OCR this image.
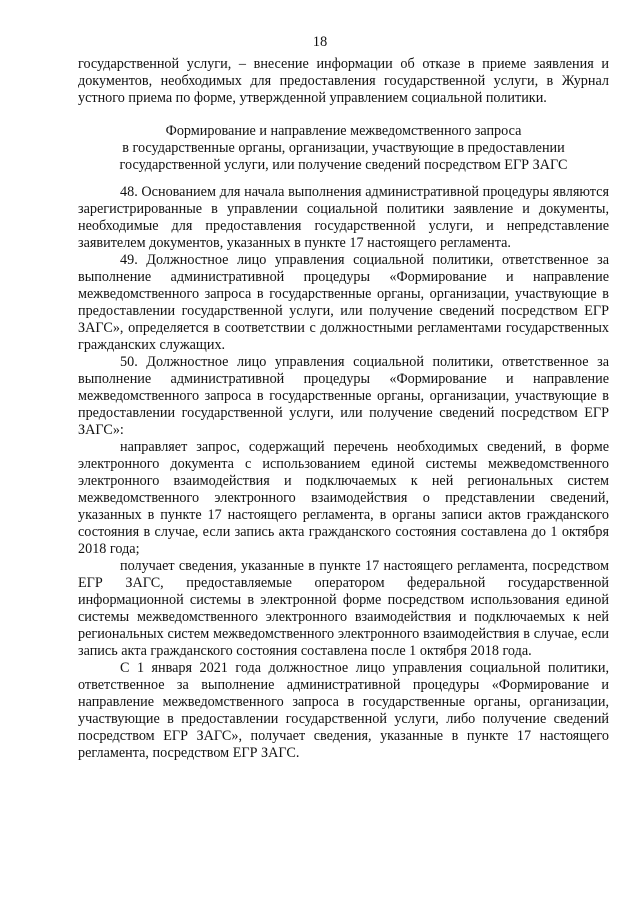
18

государственной услуги, – внесение информации об отказе в приеме заявления и документов, необходимых для предоставления государственной услуги, в Журнал устного приема по форме, утвержденной управлением социальной политики.

Формирование и направление межведомственного запроса
в государственные органы, организации, участвующие в предоставлении
государственной услуги, или получение сведений посредством ЕГР ЗАГС

48. Основанием для начала выполнения административной процедуры являются зарегистрированные в управлении социальной политики заявление и документы, необходимые для предоставления государственной услуги, и непредставление заявителем документов, указанных в пункте 17 настоящего регламента.

49. Должностное лицо управления социальной политики, ответственное за выполнение административной процедуры «Формирование и направление межведомственного запроса в государственные органы, организации, участвующие в предоставлении государственной услуги, или получение сведений посредством ЕГР ЗАГС», определяется в соответствии с должностными регламентами государственных гражданских служащих.

50. Должностное лицо управления социальной политики, ответственное за выполнение административной процедуры «Формирование и направление межведомственного запроса в государственные органы, организации, участвующие в предоставлении государственной услуги, или получение сведений посредством ЕГР ЗАГС»:

направляет запрос, содержащий перечень необходимых сведений, в форме электронного документа с использованием единой системы межведомственного электронного взаимодействия и подключаемых к ней региональных систем межведомственного электронного взаимодействия о представлении сведений, указанных в пункте 17 настоящего регламента, в органы записи актов гражданского состояния в случае, если запись акта гражданского состояния составлена до 1 октября 2018 года;

получает сведения, указанные в пункте 17 настоящего регламента, посредством ЕГР ЗАГС, предоставляемые оператором федеральной государственной информационной системы в электронной форме посредством использования единой системы межведомственного электронного взаимодействия и подключаемых к ней региональных систем межведомственного электронного взаимодействия в случае, если запись акта гражданского состояния составлена после 1 октября 2018 года.

С 1 января 2021 года должностное лицо управления социальной политики, ответственное за выполнение административной процедуры «Формирование и направление межведомственного запроса в государственные органы, организации, участвующие в предоставлении государственной услуги, либо получение сведений посредством ЕГР ЗАГС», получает сведения, указанные в пункте 17 настоящего регламента, посредством ЕГР ЗАГС.
